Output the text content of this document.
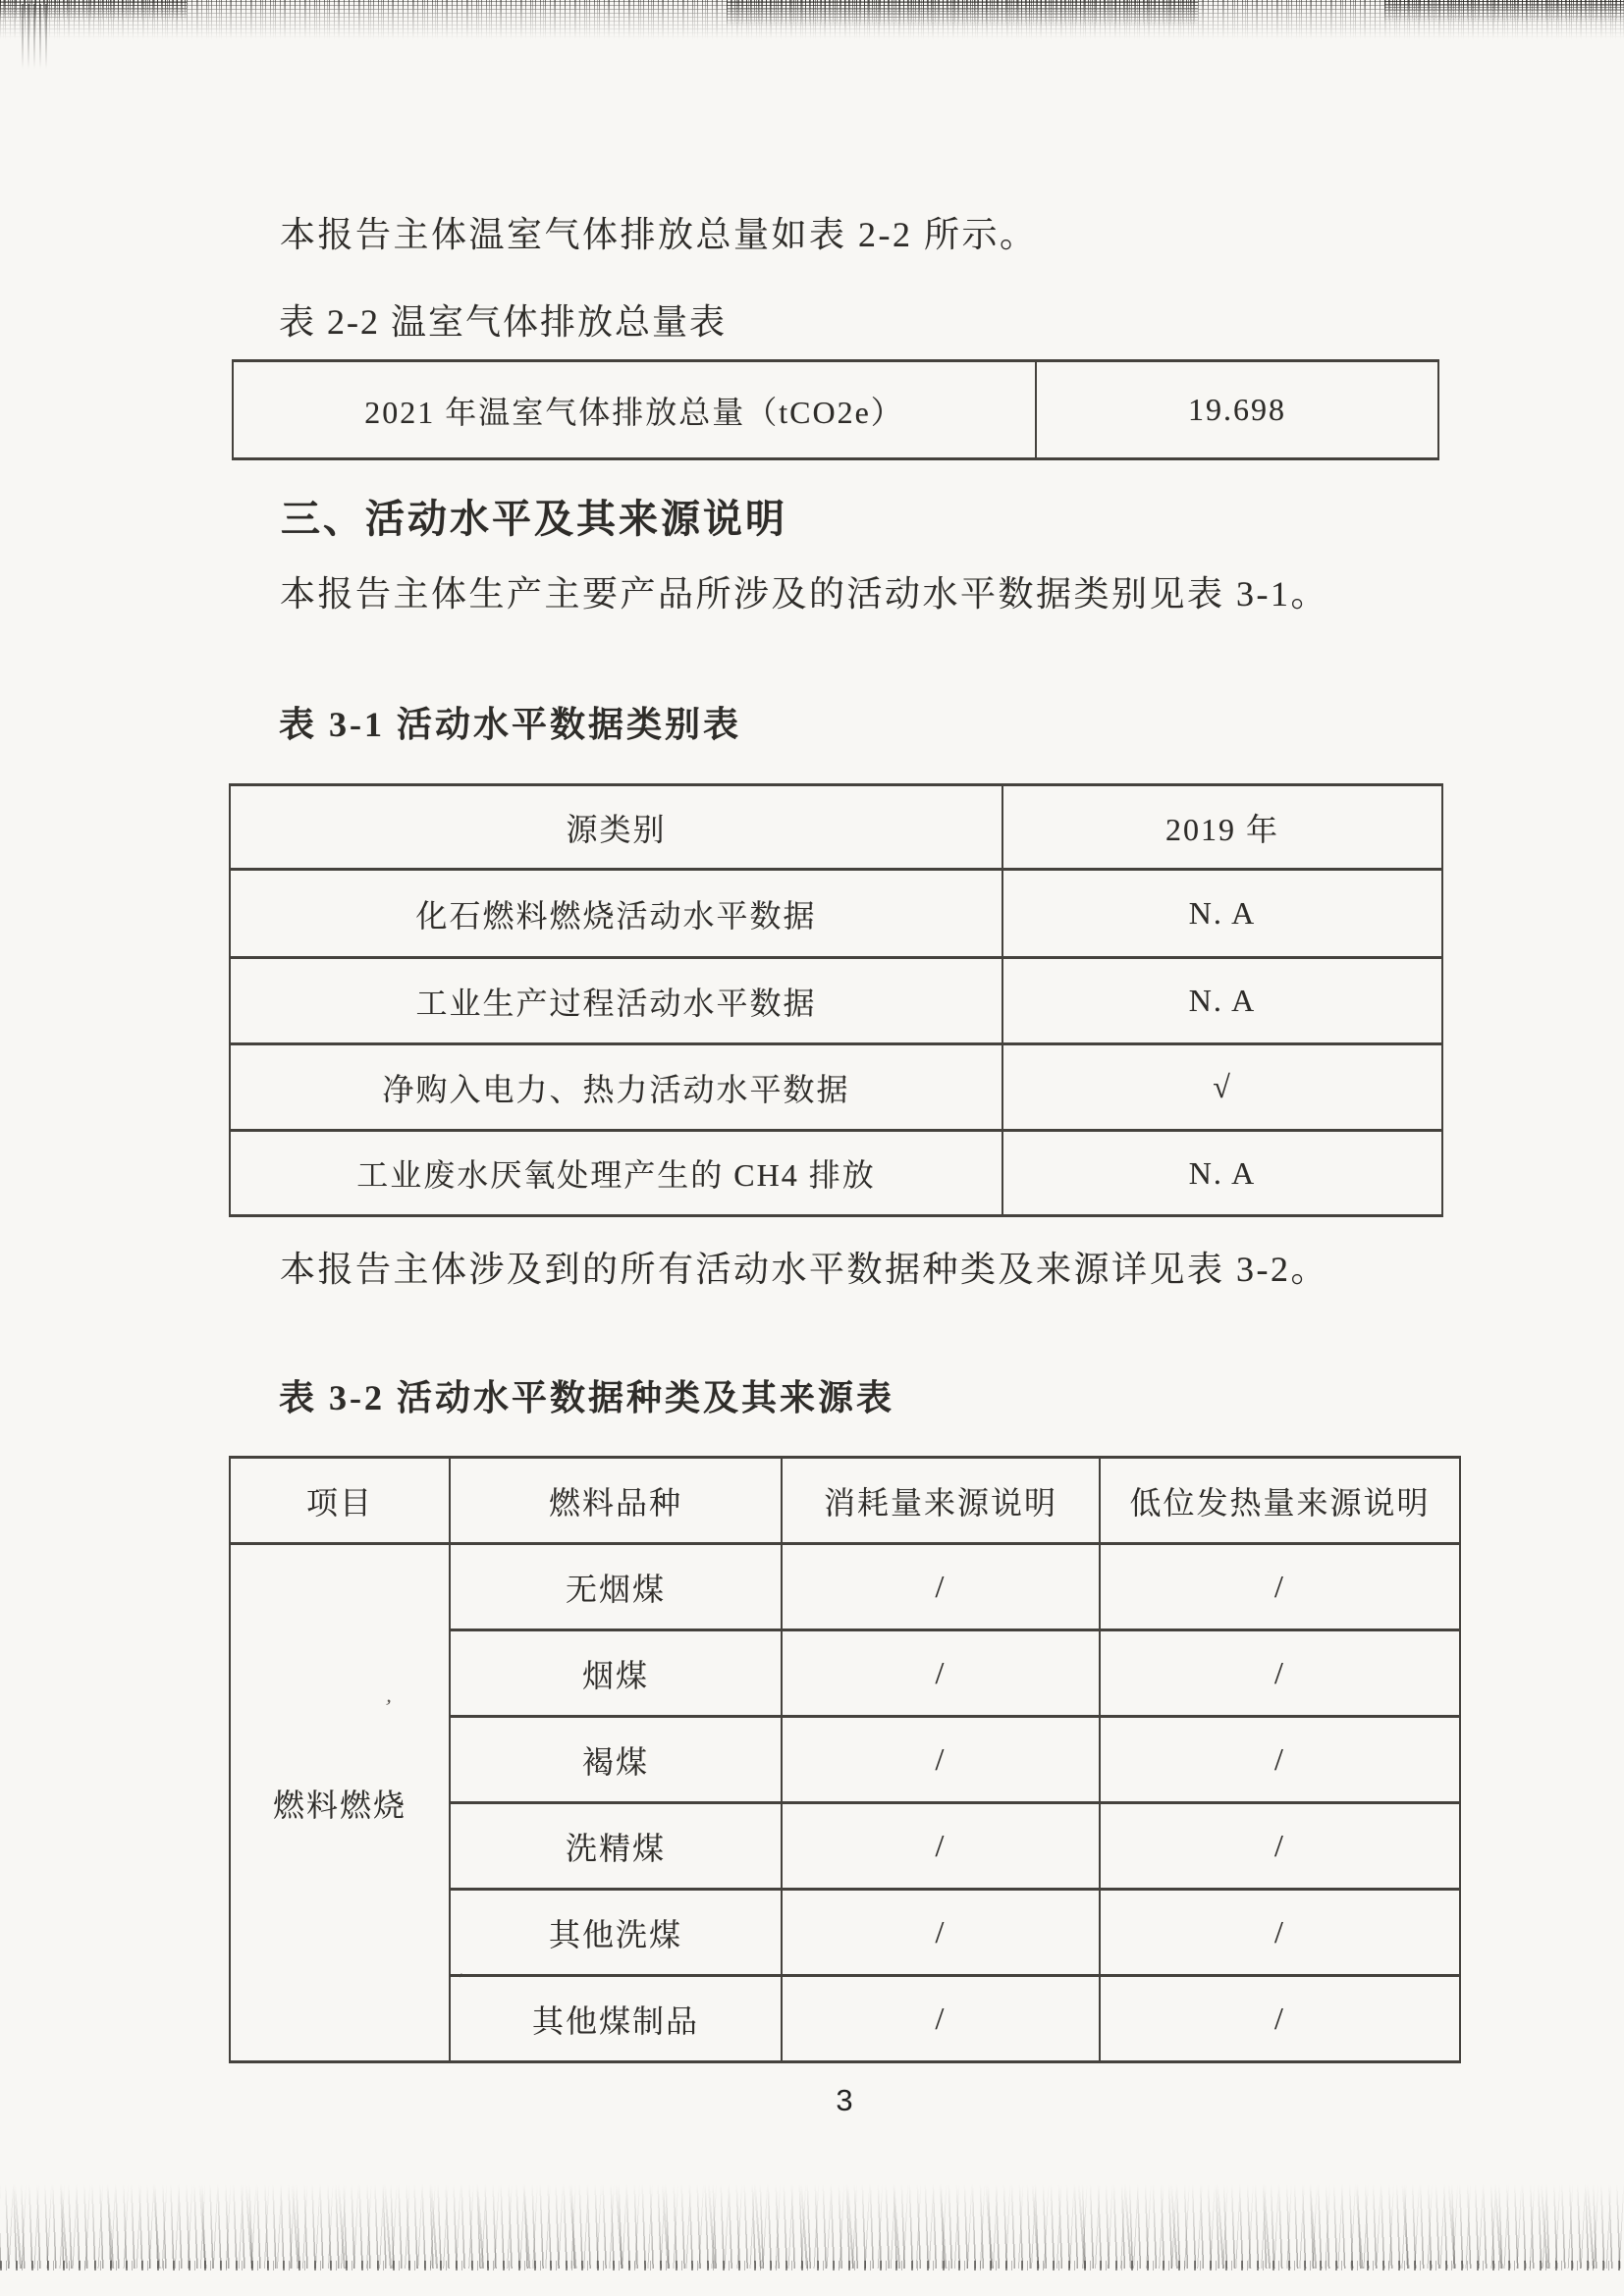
’
’
本报告主体温室气体排放总量如表 2-2 所示。
表 2-2 温室气体排放总量表
2021 年温室气体排放总量（tCO2e）	19.698
三、活动水平及其来源说明
本报告主体生产主要产品所涉及的活动水平数据类别见表 3-1。
表 3-1 活动水平数据类别表
源类别	2019 年
化石燃料燃烧活动水平数据	N. A
工业生产过程活动水平数据	N. A
净购入电力、热力活动水平数据	√
工业废水厌氧处理产生的 CH4 排放	N. A
本报告主体涉及到的所有活动水平数据种类及来源详见表 3-2。
表 3-2 活动水平数据种类及其来源表
项目	燃料品种	消耗量来源说明	低位发热量来源说明
燃料燃烧	无烟煤	/	/
	烟煤	/	/
	褐煤	/	/
	洗精煤	/	/
	其他洗煤	/	/
	其他煤制品	/	/
3
